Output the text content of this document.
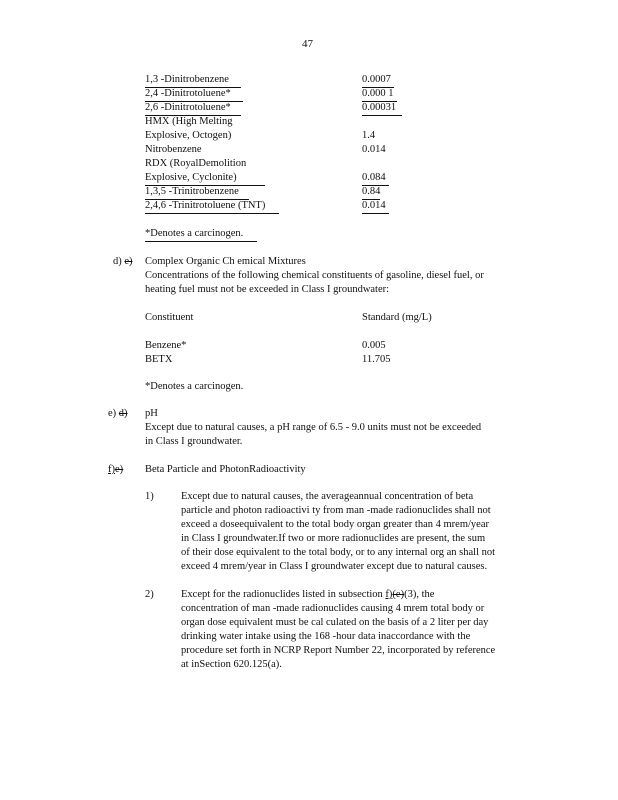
47
1,3 -Dinitrobenzene	0.0007
2,4 -Dinitrotoluene*	0.000 1
2,6 -Dinitrotoluene*	0.00031
HMX (High Melting
Explosive, Octogen)	1.4
Nitrobenzene	0.014
RDX (RoyalDemolition
Explosive, Cyclonite)	0.084
1,3,5 -Trinitrobenzene	0.84
2,4,6 -Trinitrotoluene (TNT)	0.014
*Denotes a carcinogen.
d) e) Complex Organic Ch emical Mixtures
Concentrations of the following chemical constituents of gasoline, diesel fuel, or
heating fuel must not be exceeded in Class I groundwater:
Constituent	Standard (mg/L)
Benzene*	0.005
BETX	11.705
*Denotes a carcinogen.
e) d) pH
Except due to natural causes, a pH range of 6.5 - 9.0 units must not be exceeded
in Class I groundwater.
f)e) Beta Particle and PhotonRadioactivity
1)	Except due to natural causes, the averageannual concentration of beta
particle and photon radioactivi ty from man -made radionuclides shall not
exceed a doseequivalent to the total body organ greater than 4 mrem/year
in Class I groundwater.If two or more radionuclides are present, the sum
of their dose equivalent to the total body, or to any internal org an shall not
exceed 4 mrem/year in Class I groundwater except due to natural causes.
2)	Except for the radionuclides listed in subsection f)(e)(3), the
concentration of man -made radionuclides causing 4 mrem total body or
organ dose equivalent must be cal culated on the basis of a 2 liter per day
drinking water intake using the 168 -hour data inaccordance with the
procedure set forth in NCRP Report Number 22, incorporated by reference
at inSection 620.125(a).
